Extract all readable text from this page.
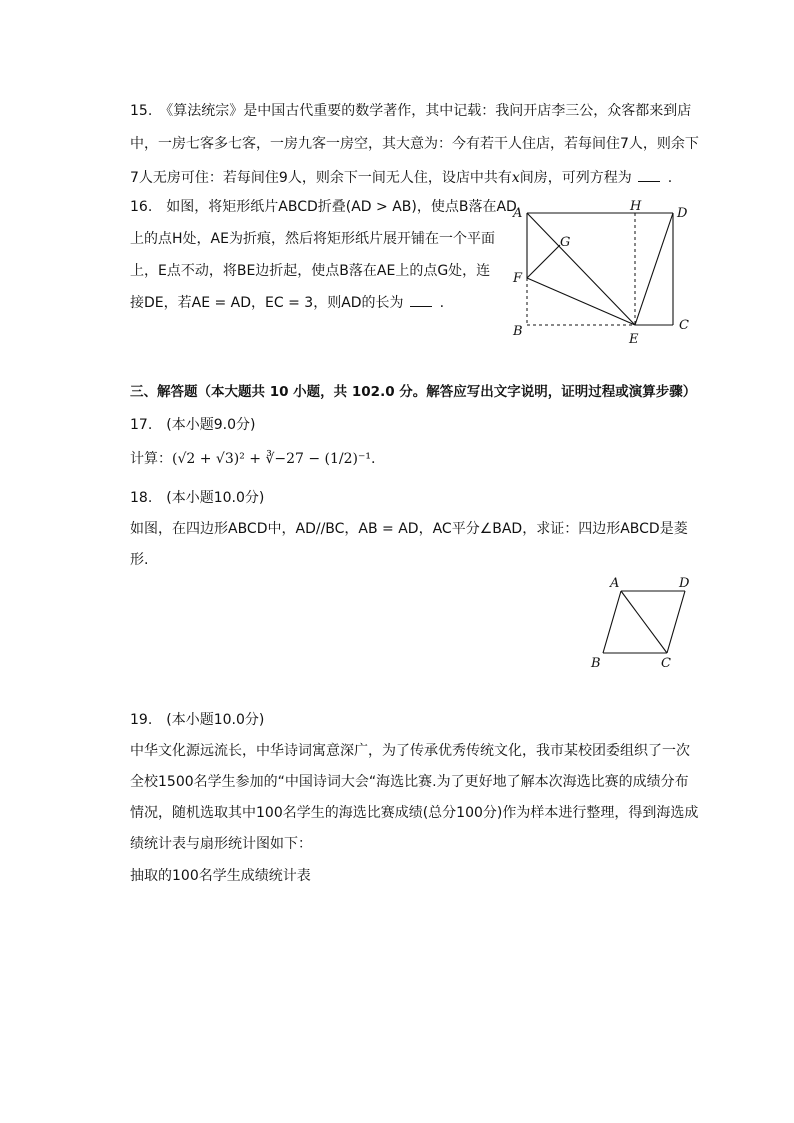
15.　《算法统宗》是中国古代重要的数学著作，其中记载：我问开店李三公，众客都来到店
中，一房七客多七客，一房九客一房空，其大意为：今有若干人住店，若每间住7人，则余下
7人无房可住：若每间住9人，则余下一间无人住，设店中共有x间房，可列方程为	.
16.　如图，将矩形纸片ABCD折叠(AD > AB)，使点B落在AD
上的点H处，AE为折痕，然后将矩形纸片展开铺在一个平面
上，E点不动，将BE边折起，使点B落在AE上的点G处，连
接DE，若AE = AD，EC = 3，则AD的长为	.
A	H	D
G
F
B
E
C
三、解答题（本大题共 10 小题，共 102.0 分。解答应写出文字说明，证明过程或演算步骤）
17.　(本小题9.0分)
计算：(√2 + √3)² + ∛−27 − (1/2)⁻¹.
18.　(本小题10.0分)
如图，在四边形ABCD中，AD//BC，AB = AD，AC平分∠BAD，求证：四边形ABCD是菱
形.
A	D
B	C
19.　(本小题10.0分)
中华文化源远流长，中华诗词寓意深广，为了传承优秀传统文化，我市某校团委组织了一次
全校1500名学生参加的“中国诗词大会“海选比赛.为了更好地了解本次海选比赛的成绩分布
情况，随机选取其中100名学生的海选比赛成绩(总分100分)作为样本进行整理，得到海选成
绩统计表与扇形统计图如下：
抽取的100名学生成绩统计表
